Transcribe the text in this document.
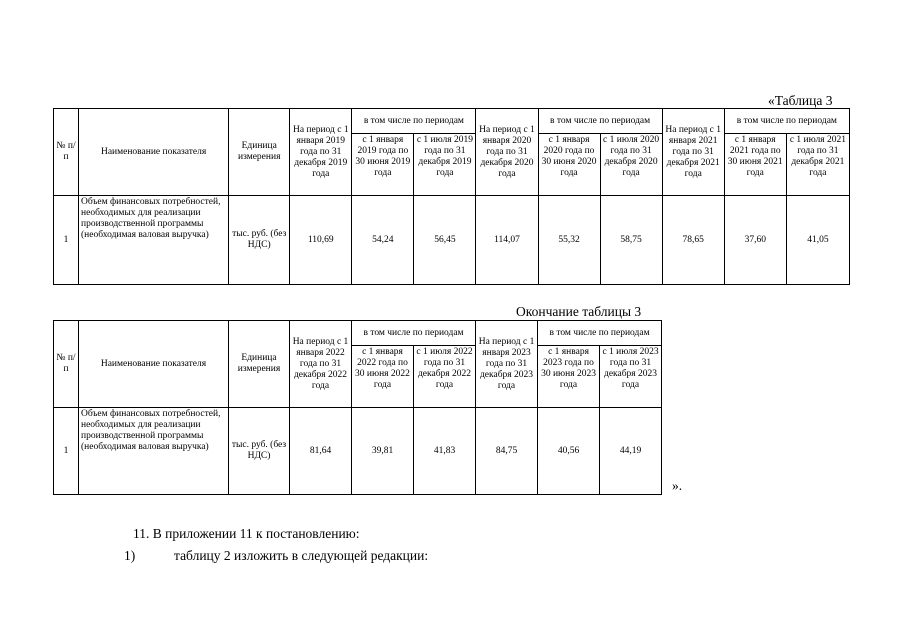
«Таблица 3
№ п/п	Наименование показателя	Единица измерения	На период с 1 января 2019 года по 31 декабря 2019 года	в том числе по периодам		На период с 1 января 2020 года по 31 декабря 2020 года	в том числе по периодам		На период с 1 января 2021 года по 31 декабря 2021 года	в том числе по периодам	
				с 1 января 2019 года по 30 июня 2019 года	с 1 июля 2019 года по 31 декабря 2019 года		с 1 января 2020 года по 30 июня 2020 года	с 1 июля 2020 года по 31 декабря 2020 года		с 1 января 2021 года по 30 июня 2021 года	с 1 июля 2021 года по 31 декабря 2021 года
1	Объем финансовых потребностей, необходимых для реализации производственной программы (необходимая валовая выручка)	тыс. руб. (без НДС)	110,69	54,24	56,45	114,07	55,32	58,75	78,65	37,60	41,05
Окончание таблицы 3
№ п/п	Наименование показателя	Единица измерения	На период с 1 января 2022 года по 31 декабря 2022 года	в том числе по периодам		На период с 1 января 2023 года по 31 декабря 2023 года	в том числе по периодам	
				с 1 января 2022 года по 30 июня 2022 года	с 1 июля 2022 года по 31 декабря 2022 года		с 1 января 2023 года по 30 июня 2023 года	с 1 июля 2023 года по 31 декабря 2023 года
1	Объем финансовых потребностей, необходимых для реализации производственной программы (необходимая валовая выручка)	тыс. руб. (без НДС)	81,64	39,81	41,83	84,75	40,56	44,19
».
11. В приложении 11 к постановлению:
1)	таблицу 2 изложить в следующей редакции:
